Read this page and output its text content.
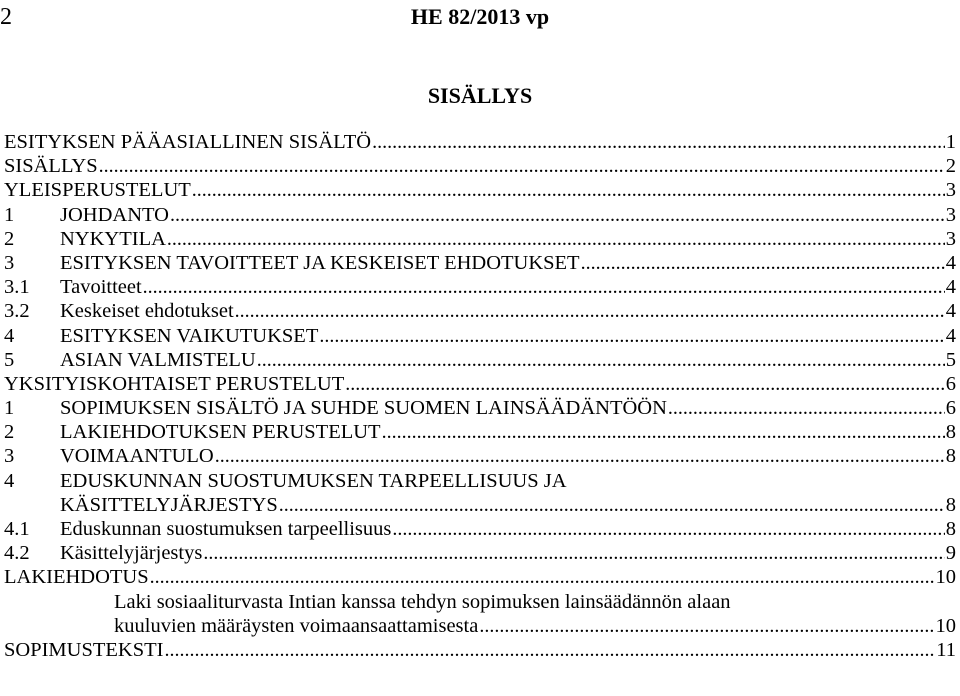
2	HE 82/2013 vp
SISÄLLYS
ESITYKSEN PÄÄASIALLINEN SISÄLTÖ .....	1
SISÄLLYS .....	2
YLEISPERUSTELUT .....	3
1	JOHDANTO .....	3
2	NYKYTILA .....	3
3	ESITYKSEN TAVOITTEET JA KESKEISET EHDOTUKSET .....	4
3.1	Tavoitteet .....	4
3.2	Keskeiset ehdotukset .....	4
4	ESITYKSEN VAIKUTUKSET .....	4
5	ASIAN VALMISTELU .....	5
YKSITYISKOHTAISET PERUSTELUT .....	6
1	SOPIMUKSEN SISÄLTÖ JA SUHDE SUOMEN LAINSÄÄDÄNTÖÖN .....	6
2	LAKIEHDOTUKSEN PERUSTELUT .....	8
3	VOIMAANTULO .....	8
4	EDUSKUNNAN SUOSTUMUKSEN TARPEELLISUUS JA
KÄSITTELYJÄRJESTYS .....	8
4.1	Eduskunnan suostumuksen tarpeellisuus .....	8
4.2	Käsittelyjärjestys .....	9
LAKIEHDOTUS .....	10
Laki sosiaaliturvasta Intian kanssa tehdyn sopimuksen lainsäädännön alaan
kuuluvien määräysten voimaansaattamisesta .....	10
SOPIMUSTEKSTI .....	11
